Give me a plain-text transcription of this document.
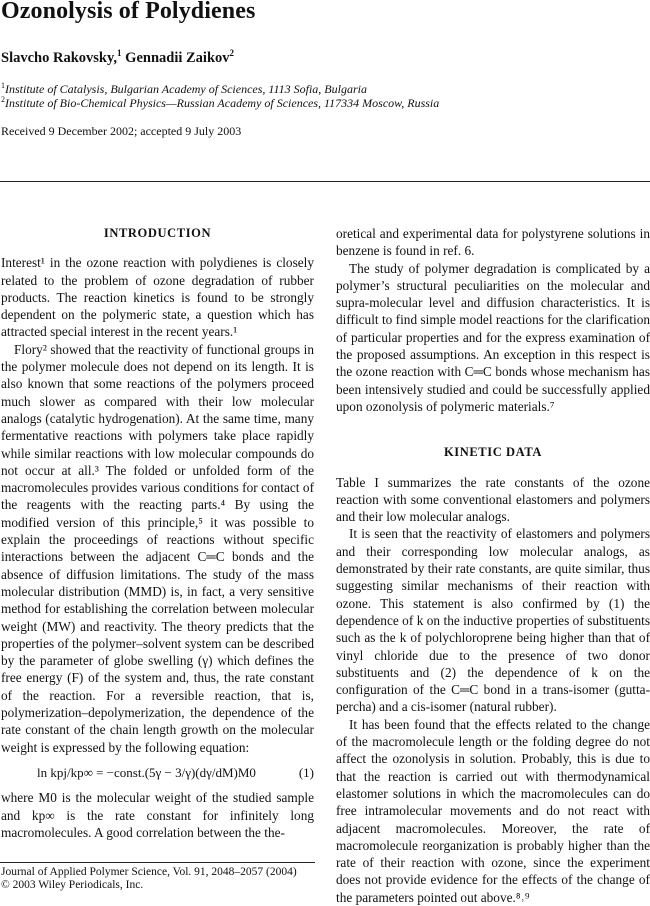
Ozonolysis of Polydienes
Slavcho Rakovsky,$^1$ Gennadii Zaikov$^2$
$^1$Institute of Catalysis, Bulgarian Academy of Sciences, 1113 Sofia, Bulgaria
$^2$Institute of Bio-Chemical Physics—Russian Academy of Sciences, 117334 Moscow, Russia
Received 9 December 2002; accepted 9 July 2003

INTRODUCTION

Interest¹ in the ozone reaction with polydienes is closely related to the problem of ozone degradation of rubber products. The reaction kinetics is found to be strongly dependent on the polymeric state, a question which has attracted special interest in the recent years.¹

Flory² showed that the reactivity of functional groups in the polymer molecule does not depend on its length. It is also known that some reactions of the polymers proceed much slower as compared with their low molecular analogs (catalytic hydrogenation). At the same time, many fermentative reactions with polymers take place rapidly while similar reactions with low molecular compounds do not occur at all.³ The folded or unfolded form of the macromolecules provides various conditions for contact of the reagents with the reacting parts.⁴ By using the modified version of this principle,⁵ it was possible to explain the proceedings of reactions without specific interactions between the adjacent C═C bonds and the absence of diffusion limitations. The study of the mass molecular distribution (MMD) is, in fact, a very sensitive method for establishing the correlation between molecular weight (MW) and reactivity. The theory predicts that the properties of the polymer–solvent system can be described by the parameter of globe swelling (γ) which defines the free energy (F) of the system and, thus, the rate constant of the reaction. For a reversible reaction, that is, polymerization–depolymerization, the dependence of the rate constant of the chain length growth on the molecular weight is expressed by the following equation:

ln kpj/kp∞ = −const.(5γ − 3/γ)(dγ/dM)M0	(1)

where M0 is the molecular weight of the studied sample and kp∞ is the rate constant for infinitely long macromolecules. A good correlation between the the-

oretical and experimental data for polystyrene solutions in benzene is found in ref. 6.

The study of polymer degradation is complicated by a polymer’s structural peculiarities on the molecular and supra-molecular level and diffusion characteristics. It is difficult to find simple model reactions for the clarification of particular properties and for the express examination of the proposed assumptions. An exception in this respect is the ozone reaction with C═C bonds whose mechanism has been intensively studied and could be successfully applied upon ozonolysis of polymeric materials.⁷

KINETIC DATA

Table I summarizes the rate constants of the ozone reaction with some conventional elastomers and polymers and their low molecular analogs.

It is seen that the reactivity of elastomers and polymers and their corresponding low molecular analogs, as demonstrated by their rate constants, are quite similar, thus suggesting similar mechanisms of their reaction with ozone. This statement is also confirmed by (1) the dependence of k on the inductive properties of substituents such as the k of polychloroprene being higher than that of vinyl chloride due to the presence of two donor substituents and (2) the dependence of k on the configuration of the C═C bond in a trans-isomer (gutta-percha) and a cis-isomer (natural rubber).

It has been found that the effects related to the change of the macromolecule length or the folding degree do not affect the ozonolysis in solution. Probably, this is due to that the reaction is carried out with thermodynamical elastomer solutions in which the macromolecules can do free intramolecular movements and do not react with adjacent macromolecules. Moreover, the rate of macromolecule reorganization is probably higher than the rate of their reaction with ozone, since the experiment does not provide evidence for the effects of the change of the parameters pointed out above.⁸˒⁹

Journal of Applied Polymer Science, Vol. 91, 2048–2057 (2004)
© 2003 Wiley Periodicals, Inc.
